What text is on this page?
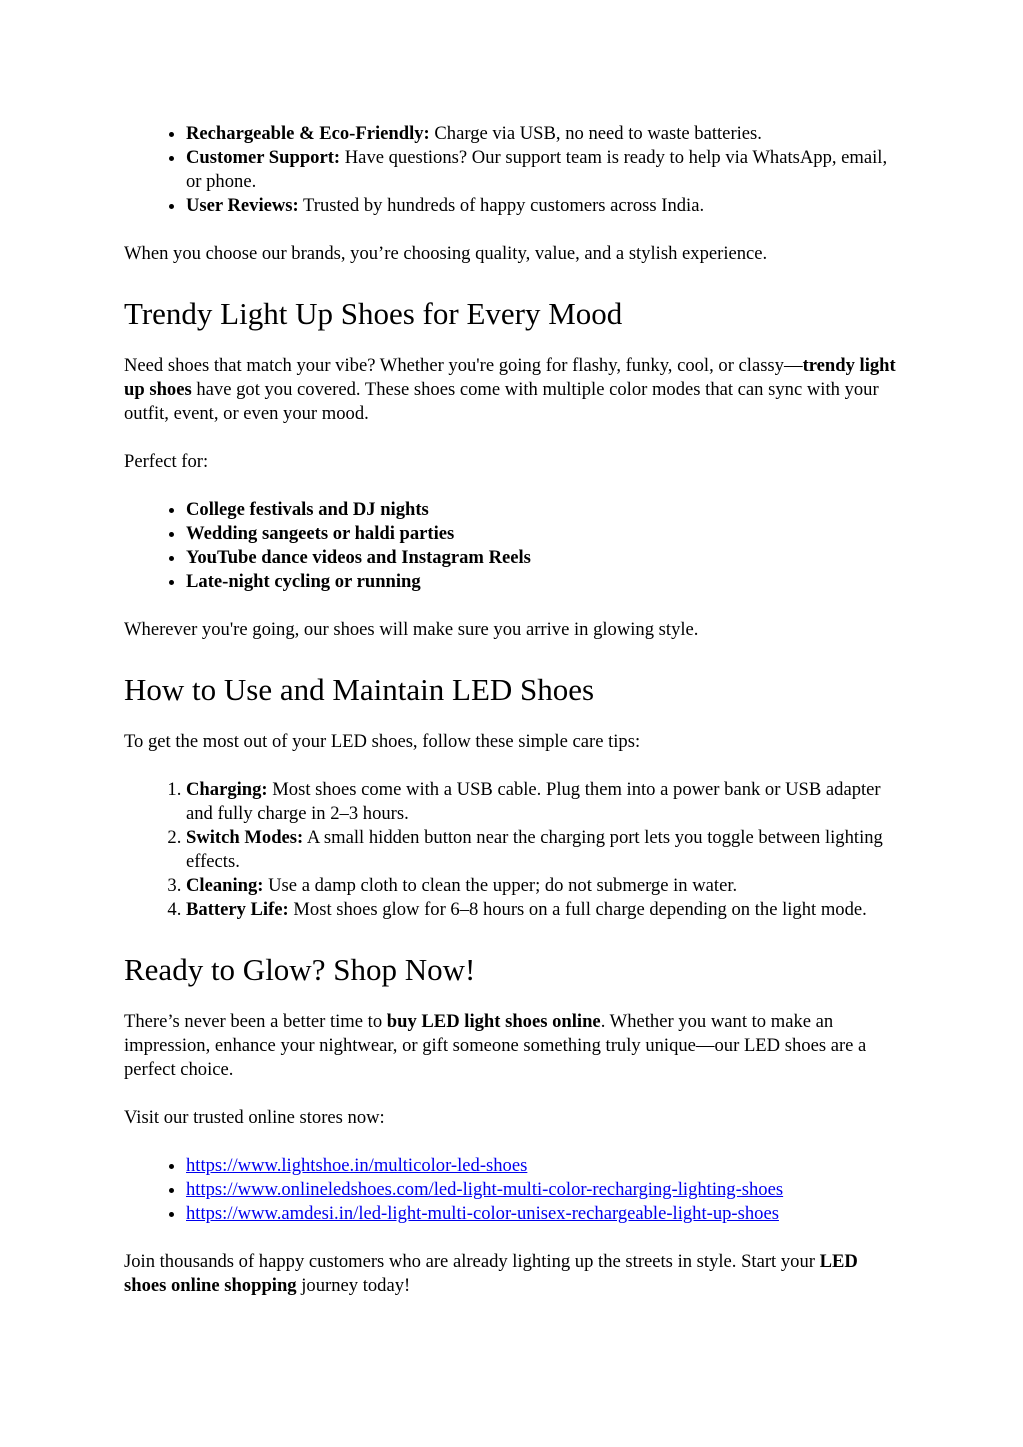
• Rechargeable & Eco-Friendly: Charge via USB, no need to waste batteries.
• Customer Support: Have questions? Our support team is ready to help via WhatsApp, email, or phone.
• User Reviews: Trusted by hundreds of happy customers across India.

When you choose our brands, you’re choosing quality, value, and a stylish experience.

Trendy Light Up Shoes for Every Mood

Need shoes that match your vibe? Whether you're going for flashy, funky, cool, or classy—trendy light up shoes have got you covered. These shoes come with multiple color modes that can sync with your outfit, event, or even your mood.

Perfect for:

• College festivals and DJ nights
• Wedding sangeets or haldi parties
• YouTube dance videos and Instagram Reels
• Late-night cycling or running

Wherever you're going, our shoes will make sure you arrive in glowing style.

How to Use and Maintain LED Shoes

To get the most out of your LED shoes, follow these simple care tips:

1. Charging: Most shoes come with a USB cable. Plug them into a power bank or USB adapter and fully charge in 2–3 hours.
2. Switch Modes: A small hidden button near the charging port lets you toggle between lighting effects.
3. Cleaning: Use a damp cloth to clean the upper; do not submerge in water.
4. Battery Life: Most shoes glow for 6–8 hours on a full charge depending on the light mode.
Ready to Glow? Shop Now!

There’s never been a better time to buy LED light shoes online. Whether you want to make an impression, enhance your nightwear, or gift someone something truly unique—our LED shoes are a perfect choice.

Visit our trusted online stores now:

• https://www.lightshoe.in/multicolor-led-shoes
• https://www.onlineledshoes.com/led-light-multi-color-recharging-lighting-shoes
• https://www.amdesi.in/led-light-multi-color-unisex-rechargeable-light-up-shoes

Join thousands of happy customers who are already lighting up the streets in style. Start your LED shoes online shopping journey today!
